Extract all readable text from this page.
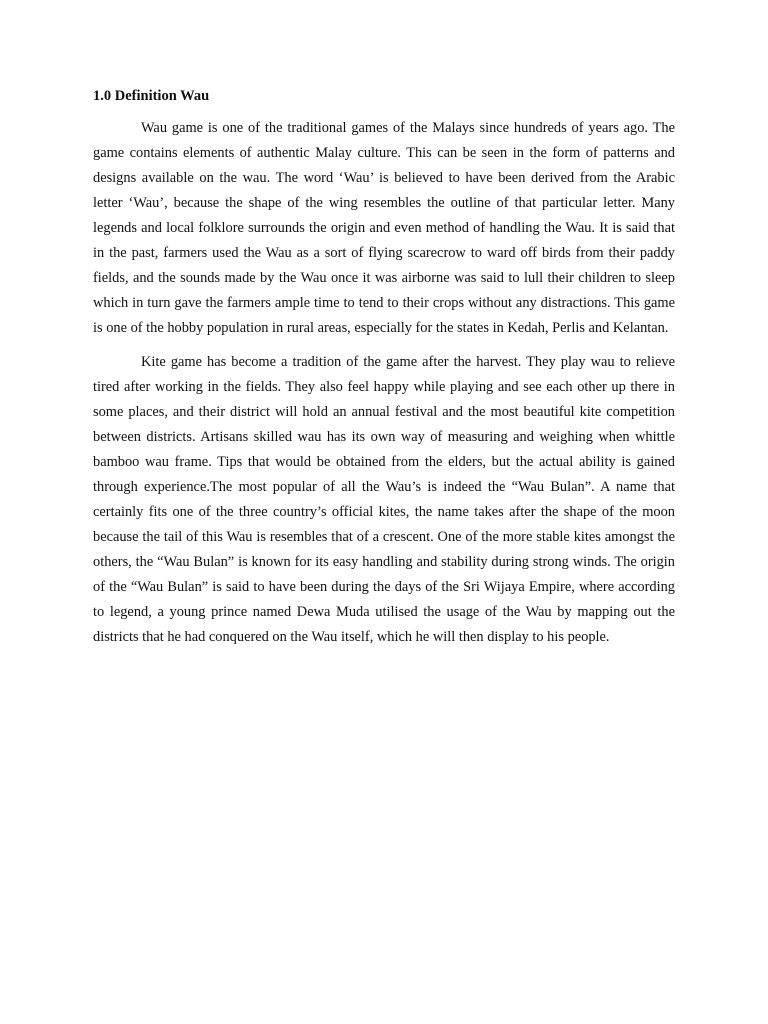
1.0 Definition Wau

Wau game is one of the traditional games of the Malays since hundreds of years ago. The game contains elements of authentic Malay culture. This can be seen in the form of patterns and designs available on the wau. The word ‘Wau’ is believed to have been derived from the Arabic letter ‘Wau’, because the shape of the wing resembles the outline of that particular letter. Many legends and local folklore surrounds the origin and even method of handling the Wau. It is said that in the past, farmers used the Wau as a sort of flying scarecrow to ward off birds from their paddy fields, and the sounds made by the Wau once it was airborne was said to lull their children to sleep which in turn gave the farmers ample time to tend to their crops without any distractions. This game is one of the hobby population in rural areas, especially for the states in Kedah, Perlis and Kelantan.

Kite game has become a tradition of the game after the harvest. They play wau to relieve tired after working in the fields. They also feel happy while playing and see each other up there in some places, and their district will hold an annual festival and the most beautiful kite competition between districts. Artisans skilled wau has its own way of measuring and weighing when whittle bamboo wau frame. Tips that would be obtained from the elders, but the actual ability is gained through experience.The most popular of all the Wau’s is indeed the “Wau Bulan”. A name that certainly fits one of the three country’s official kites, the name takes after the shape of the moon because the tail of this Wau is resembles that of a crescent. One of the more stable kites amongst the others, the “Wau Bulan” is known for its easy handling and stability during strong winds. The origin of the “Wau Bulan” is said to have been during the days of the Sri Wijaya Empire, where according to legend, a young prince named Dewa Muda utilised the usage of the Wau by mapping out the districts that he had conquered on the Wau itself, which he will then display to his people.
